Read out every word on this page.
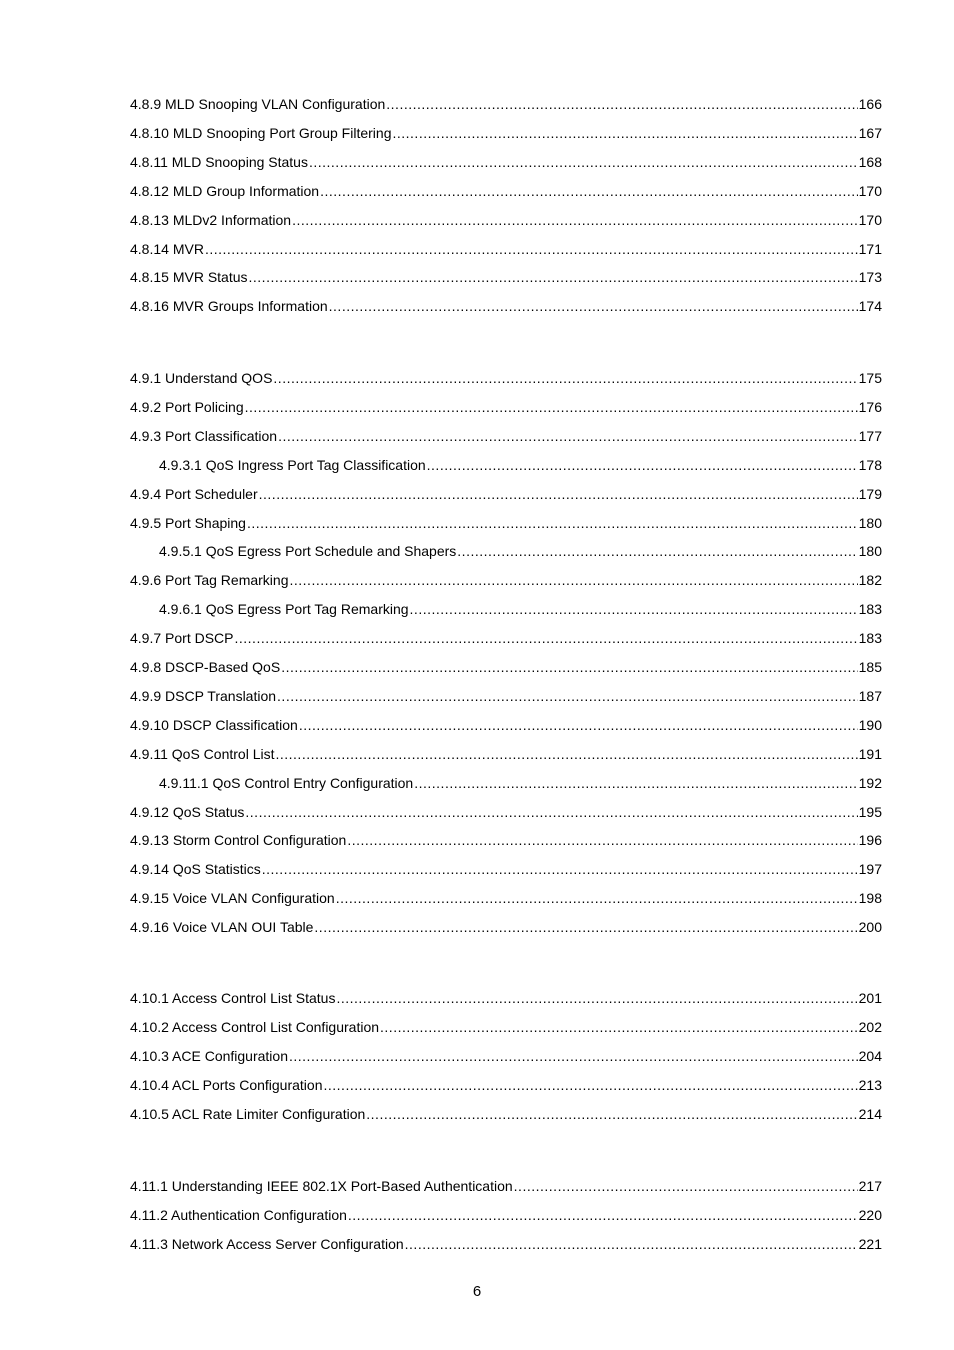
4.8.9 MLD Snooping VLAN Configuration .....	166
4.8.10 MLD Snooping Port Group Filtering .....	167
4.8.11 MLD Snooping Status .....	168
4.8.12 MLD Group Information .....	170
4.8.13 MLDv2 Information .....	170
4.8.14 MVR .....	171
4.8.15 MVR Status .....	173
4.8.16 MVR Groups Information .....	174
4.9.1 Understand QOS .....	175
4.9.2 Port Policing .....	176
4.9.3 Port Classification .....	177
4.9.3.1 QoS Ingress Port Tag Classification .....	178
4.9.4 Port Scheduler .....	179
4.9.5 Port Shaping .....	180
4.9.5.1 QoS Egress Port Schedule and Shapers .....	180
4.9.6 Port Tag Remarking .....	182
4.9.6.1 QoS Egress Port Tag Remarking .....	183
4.9.7 Port DSCP .....	183
4.9.8 DSCP-Based QoS .....	185
4.9.9 DSCP Translation .....	187
4.9.10 DSCP Classification .....	190
4.9.11 QoS Control List .....	191
4.9.11.1 QoS Control Entry Configuration .....	192
4.9.12 QoS Status .....	195
4.9.13 Storm Control Configuration .....	196
4.9.14 QoS Statistics .....	197
4.9.15 Voice VLAN Configuration .....	198
4.9.16 Voice VLAN OUI Table .....	200
4.10.1 Access Control List Status .....	201
4.10.2 Access Control List Configuration .....	202
4.10.3 ACE Configuration .....	204
4.10.4 ACL Ports Configuration .....	213
4.10.5 ACL Rate Limiter Configuration .....	214
4.11.1 Understanding IEEE 802.1X Port-Based Authentication .....	217
4.11.2 Authentication Configuration .....	220
4.11.3 Network Access Server Configuration .....	221
6
